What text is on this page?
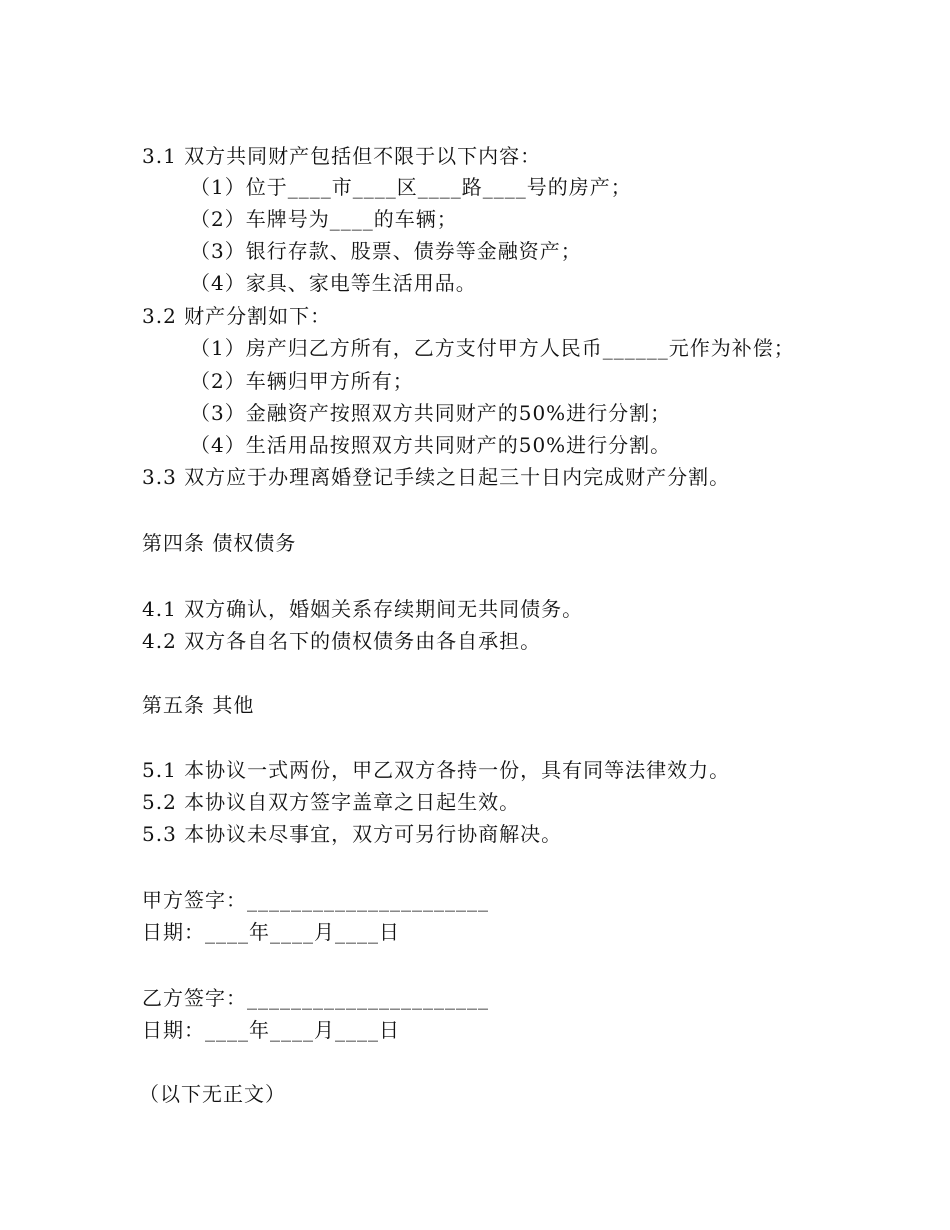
3.1 双方共同财产包括但不限于以下内容：
（1）位于____市____区____路____号的房产；
（2）车牌号为____的车辆；
（3）银行存款、股票、债券等金融资产；
（4）家具、家电等生活用品。
3.2 财产分割如下：
（1）房产归乙方所有，乙方支付甲方人民币______元作为补偿；
（2）车辆归甲方所有；
（3）金融资产按照双方共同财产的50%进行分割；
（4）生活用品按照双方共同财产的50%进行分割。
3.3 双方应于办理离婚登记手续之日起三十日内完成财产分割。
第四条 债权债务
4.1 双方确认，婚姻关系存续期间无共同债务。
4.2 双方各自名下的债权债务由各自承担。
第五条 其他
5.1 本协议一式两份，甲乙双方各持一份，具有同等法律效力。
5.2 本协议自双方签字盖章之日起生效。
5.3 本协议未尽事宜，双方可另行协商解决。
甲方签字：______________________
日期：____年____月____日
乙方签字：______________________
日期：____年____月____日
（以下无正文）
